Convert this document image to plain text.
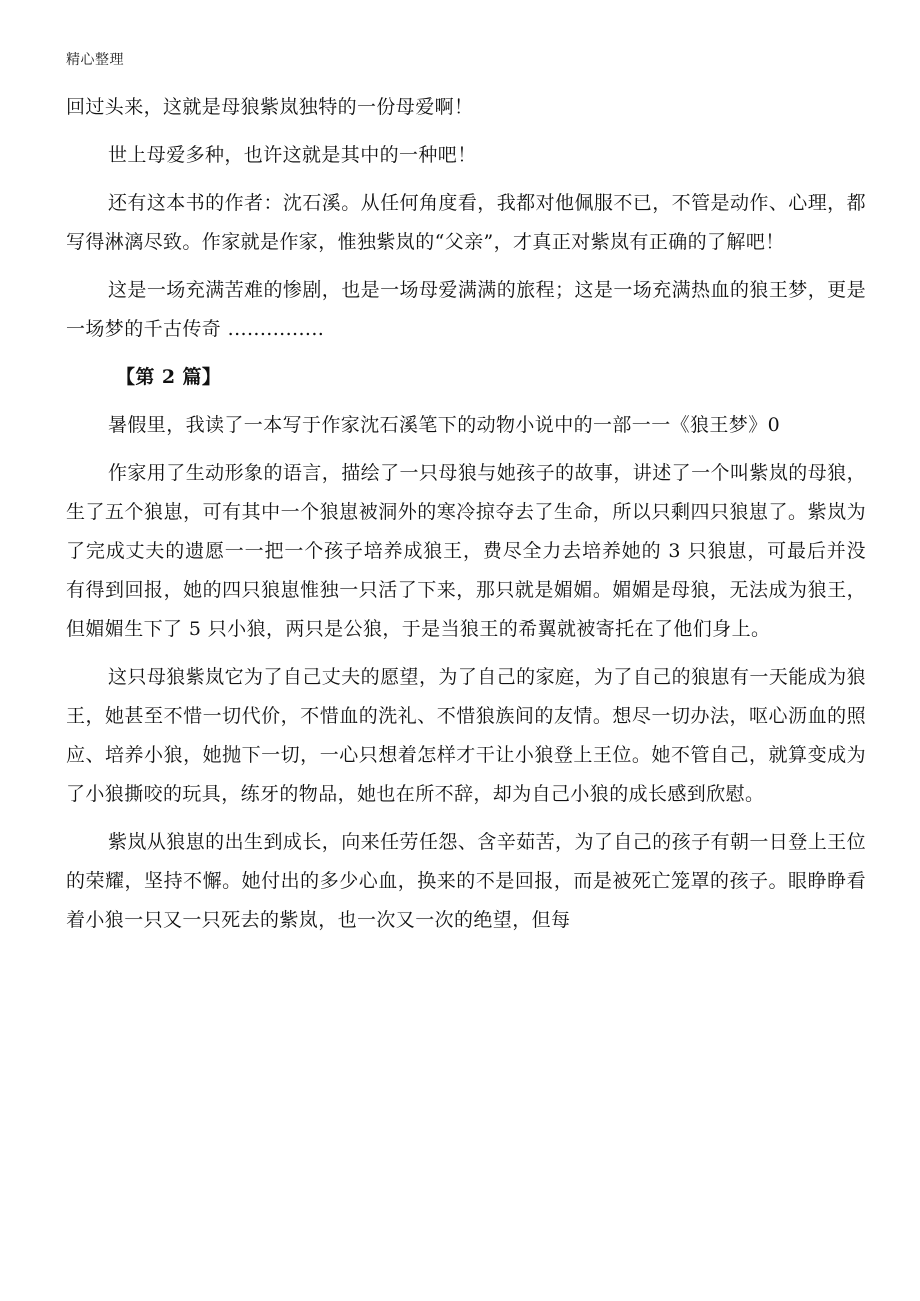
精心整理

回过头来，这就是母狼紫岚独特的一份母爱啊！

世上母爱多种，也许这就是其中的一种吧！

还有这本书的作者：沈石溪。从任何角度看，我都对他佩服不已，不管是动作、心理，都写得淋漓尽致。作家就是作家，惟独紫岚的“父亲”，才真正对紫岚有正确的了解吧！

这是一场充满苦难的惨剧，也是一场母爱满满的旅程；这是一场充满热血的狼王梦，更是一场梦的千古传奇 ...............

【第 2 篇】

暑假里，我读了一本写于作家沈石溪笔下的动物小说中的一部一一《狼王梦》0

作家用了生动形象的语言，描绘了一只母狼与她孩子的故事，讲述了一个叫紫岚的母狼，生了五个狼崽，可有其中一个狼崽被洞外的寒冷掠夺去了生命，所以只剩四只狼崽了。紫岚为了完成丈夫的遗愿一一把一个孩子培养成狼王，费尽全力去培养她的 3 只狼崽，可最后并没有得到回报，她的四只狼崽惟独一只活了下来，那只就是媚媚。媚媚是母狼，无法成为狼王，但媚媚生下了 5 只小狼，两只是公狼，于是当狼王的希翼就被寄托在了他们身上。

这只母狼紫岚它为了自己丈夫的愿望，为了自己的家庭，为了自己的狼崽有一天能成为狼王，她甚至不惜一切代价，不惜血的洗礼、不惜狼族间的友情。想尽一切办法，呕心沥血的照应、培养小狼，她抛下一切，一心只想着怎样才干让小狼登上王位。她不管自己，就算变成为了小狼撕咬的玩具，练牙的物品，她也在所不辞，却为自己小狼的成长感到欣慰。

紫岚从狼崽的出生到成长，向来任劳任怨、含辛茹苦，为了自己的孩子有朝一日登上王位的荣耀，坚持不懈。她付出的多少心血，换来的不是回报，而是被死亡笼罩的孩子。眼睁睁看着小狼一只又一只死去的紫岚，也一次又一次的绝望，但每
